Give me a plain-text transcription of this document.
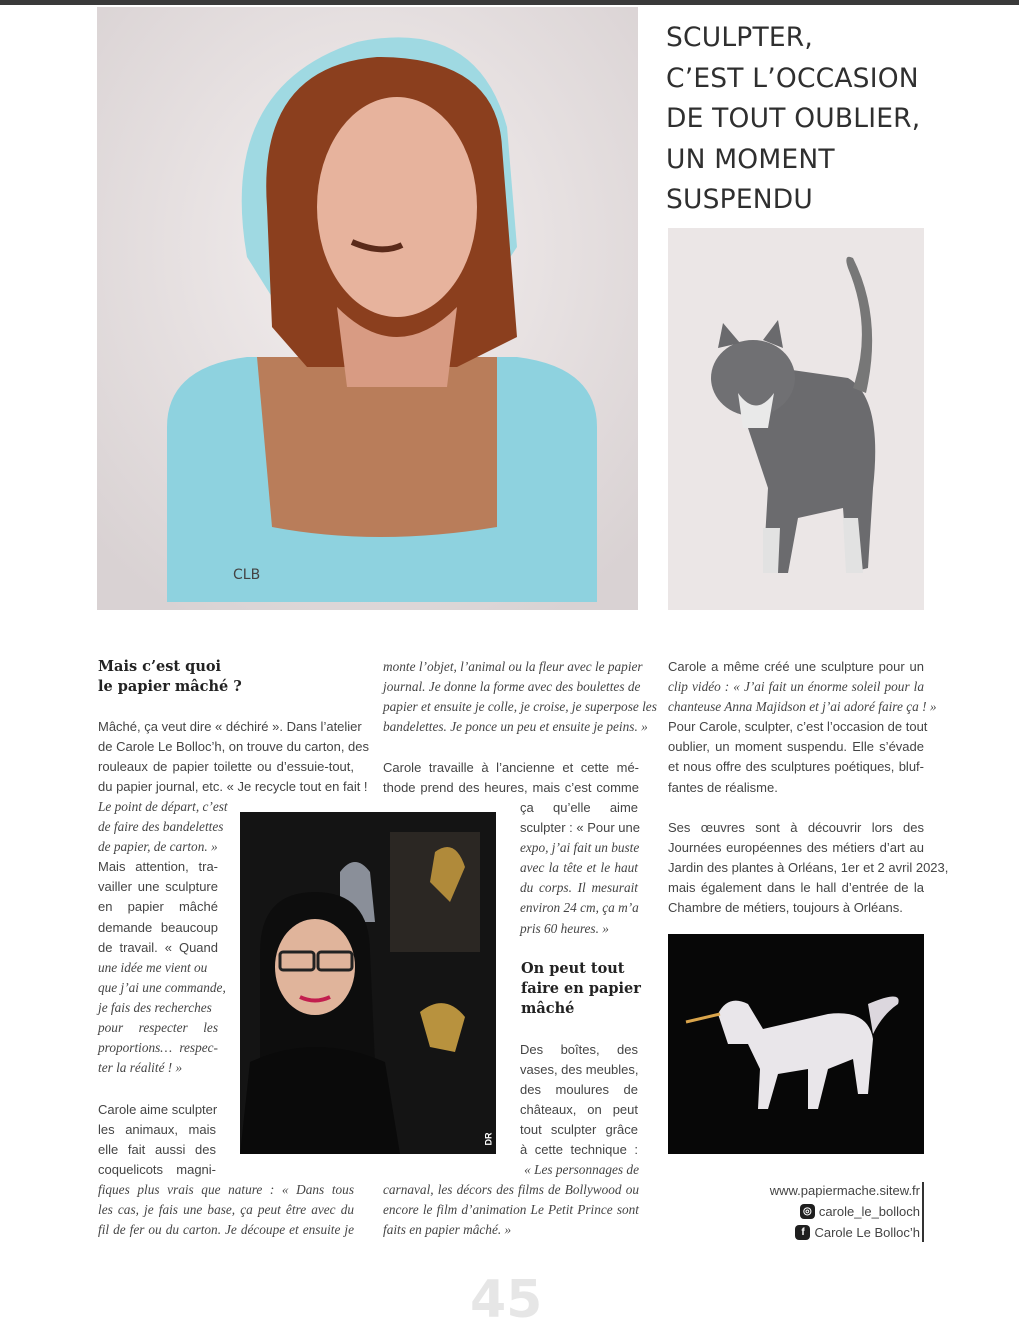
CLB
SCULPTER,
C’EST L’OCCASION
DE TOUT OUBLIER,
UN MOMENT
SUSPENDU
Mais c’est quoi
le papier mâché ?
Mâché, ça veut dire « déchiré ». Dans l’atelier
de Carole Le Bolloc’h, on trouve du carton, des
rouleaux de papier toilette ou d’essuie-tout,
du papier journal, etc. « Je recycle tout en fait !
Le point de départ, c’est
de faire des bandelettes
de papier, de carton. »
Mais attention, tra-
vailler une sculpture
en papier mâché
demande beaucoup
de travail. « Quand
une idée me vient ou
que j’ai une commande,
je fais des recherches
pour respecter les
proportions… respec-
ter la réalité ! »
Carole aime sculpter
les animaux, mais
elle fait aussi des
coquelicots magni-
fiques plus vrais que nature : « Dans tous
les cas, je fais une base, ça peut être avec du
fil de fer ou du carton. Je découpe et ensuite je
DR
monte l’objet, l’animal ou la fleur avec le papier
journal. Je donne la forme avec des boulettes de
papier et ensuite je colle, je croise, je superpose les
bandelettes. Je ponce un peu et ensuite je peins. »
Carole travaille à l’ancienne et cette mé-
thode prend des heures, mais c’est comme
ça qu’elle aime
sculpter : « Pour une
expo, j’ai fait un buste
avec la tête et le haut
du corps. Il mesurait
environ 24 cm, ça m’a
pris 60 heures. »
On peut tout
faire en papier
mâché
Des boîtes, des
vases, des meubles,
des moulures de
châteaux, on peut
tout sculpter grâce
à cette technique :
« Les personnages de
carnaval, les décors des films de Bollywood ou
encore le film d’animation Le Petit Prince sont
faits en papier mâché. »
Carole a même créé une sculpture pour un
clip vidéo : « J’ai fait un énorme soleil pour la
chanteuse Anna Majidson et j’ai adoré faire ça ! »
Pour Carole, sculpter, c’est l’occasion de tout
oublier, un moment suspendu. Elle s’évade
et nous offre des sculptures poétiques, bluf-
fantes de réalisme.
Ses œuvres sont à découvrir lors des
Journées européennes des métiers d’art au
Jardin des plantes à Orléans, 1er et 2 avril 2023,
mais également dans le hall d’entrée de la
Chambre de métiers, toujours à Orléans.
www.papiermache.sitew.fr
◎ carole_le_bolloch
f Carole Le Bolloc’h
45
